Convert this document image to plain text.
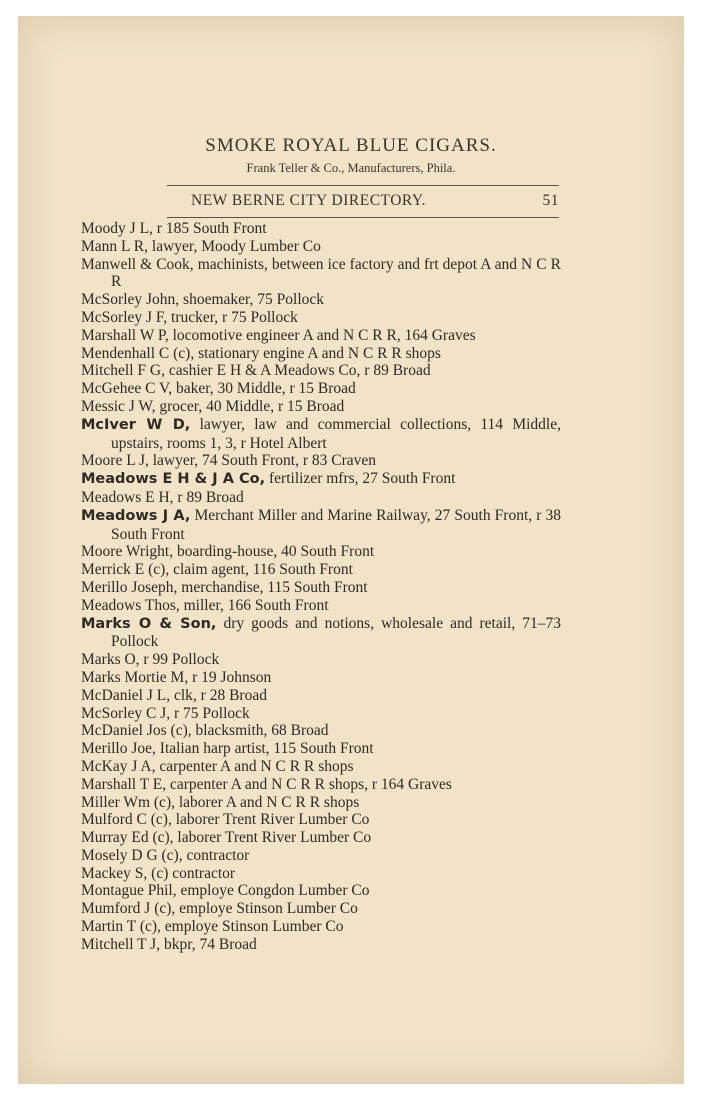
SMOKE ROYAL BLUE CIGARS.
Frank Teller & Co., Manufacturers, Phila.
NEW BERNE CITY DIRECTORY.	51
Moody J L, r 185 South Front
Mann L R, lawyer, Moody Lumber Co
Manwell & Cook, machinists, between ice factory and frt depot A and N C R R
McSorley John, shoemaker, 75 Pollock
McSorley J F, trucker, r 75 Pollock
Marshall W P, locomotive engineer A and N C R R, 164 Graves
Mendenhall C (c), stationary engine A and N C R R shops
Mitchell F G, cashier E H & A Meadows Co, r 89 Broad
McGehee C V, baker, 30 Middle, r 15 Broad
Messic J W, grocer, 40 Middle, r 15 Broad
McIver W D, lawyer, law and commercial collections, 114 Middle, upstairs, rooms 1, 3, r Hotel Albert
Moore L J, lawyer, 74 South Front, r 83 Craven
Meadows E H & J A Co, fertilizer mfrs, 27 South Front
Meadows E H, r 89 Broad
Meadows J A, Merchant Miller and Marine Railway, 27 South Front, r 38 South Front
Moore Wright, boarding-house, 40 South Front
Merrick E (c), claim agent, 116 South Front
Merillo Joseph, merchandise, 115 South Front
Meadows Thos, miller, 166 South Front
Marks O & Son, dry goods and notions, wholesale and retail, 71–73 Pollock
Marks O, r 99 Pollock
Marks Mortie M, r 19 Johnson
McDaniel J L, clk, r 28 Broad
McSorley C J, r 75 Pollock
McDaniel Jos (c), blacksmith, 68 Broad
Merillo Joe, Italian harp artist, 115 South Front
McKay J A, carpenter A and N C R R shops
Marshall T E, carpenter A and N C R R shops, r 164 Graves
Miller Wm (c), laborer A and N C R R shops
Mulford C (c), laborer Trent River Lumber Co
Murray Ed (c), laborer Trent River Lumber Co
Mosely D G (c), contractor
Mackey S, (c) contractor
Montague Phil, employe Congdon Lumber Co
Mumford J (c), employe Stinson Lumber Co
Martin T (c), employe Stinson Lumber Co
Mitchell T J, bkpr, 74 Broad
